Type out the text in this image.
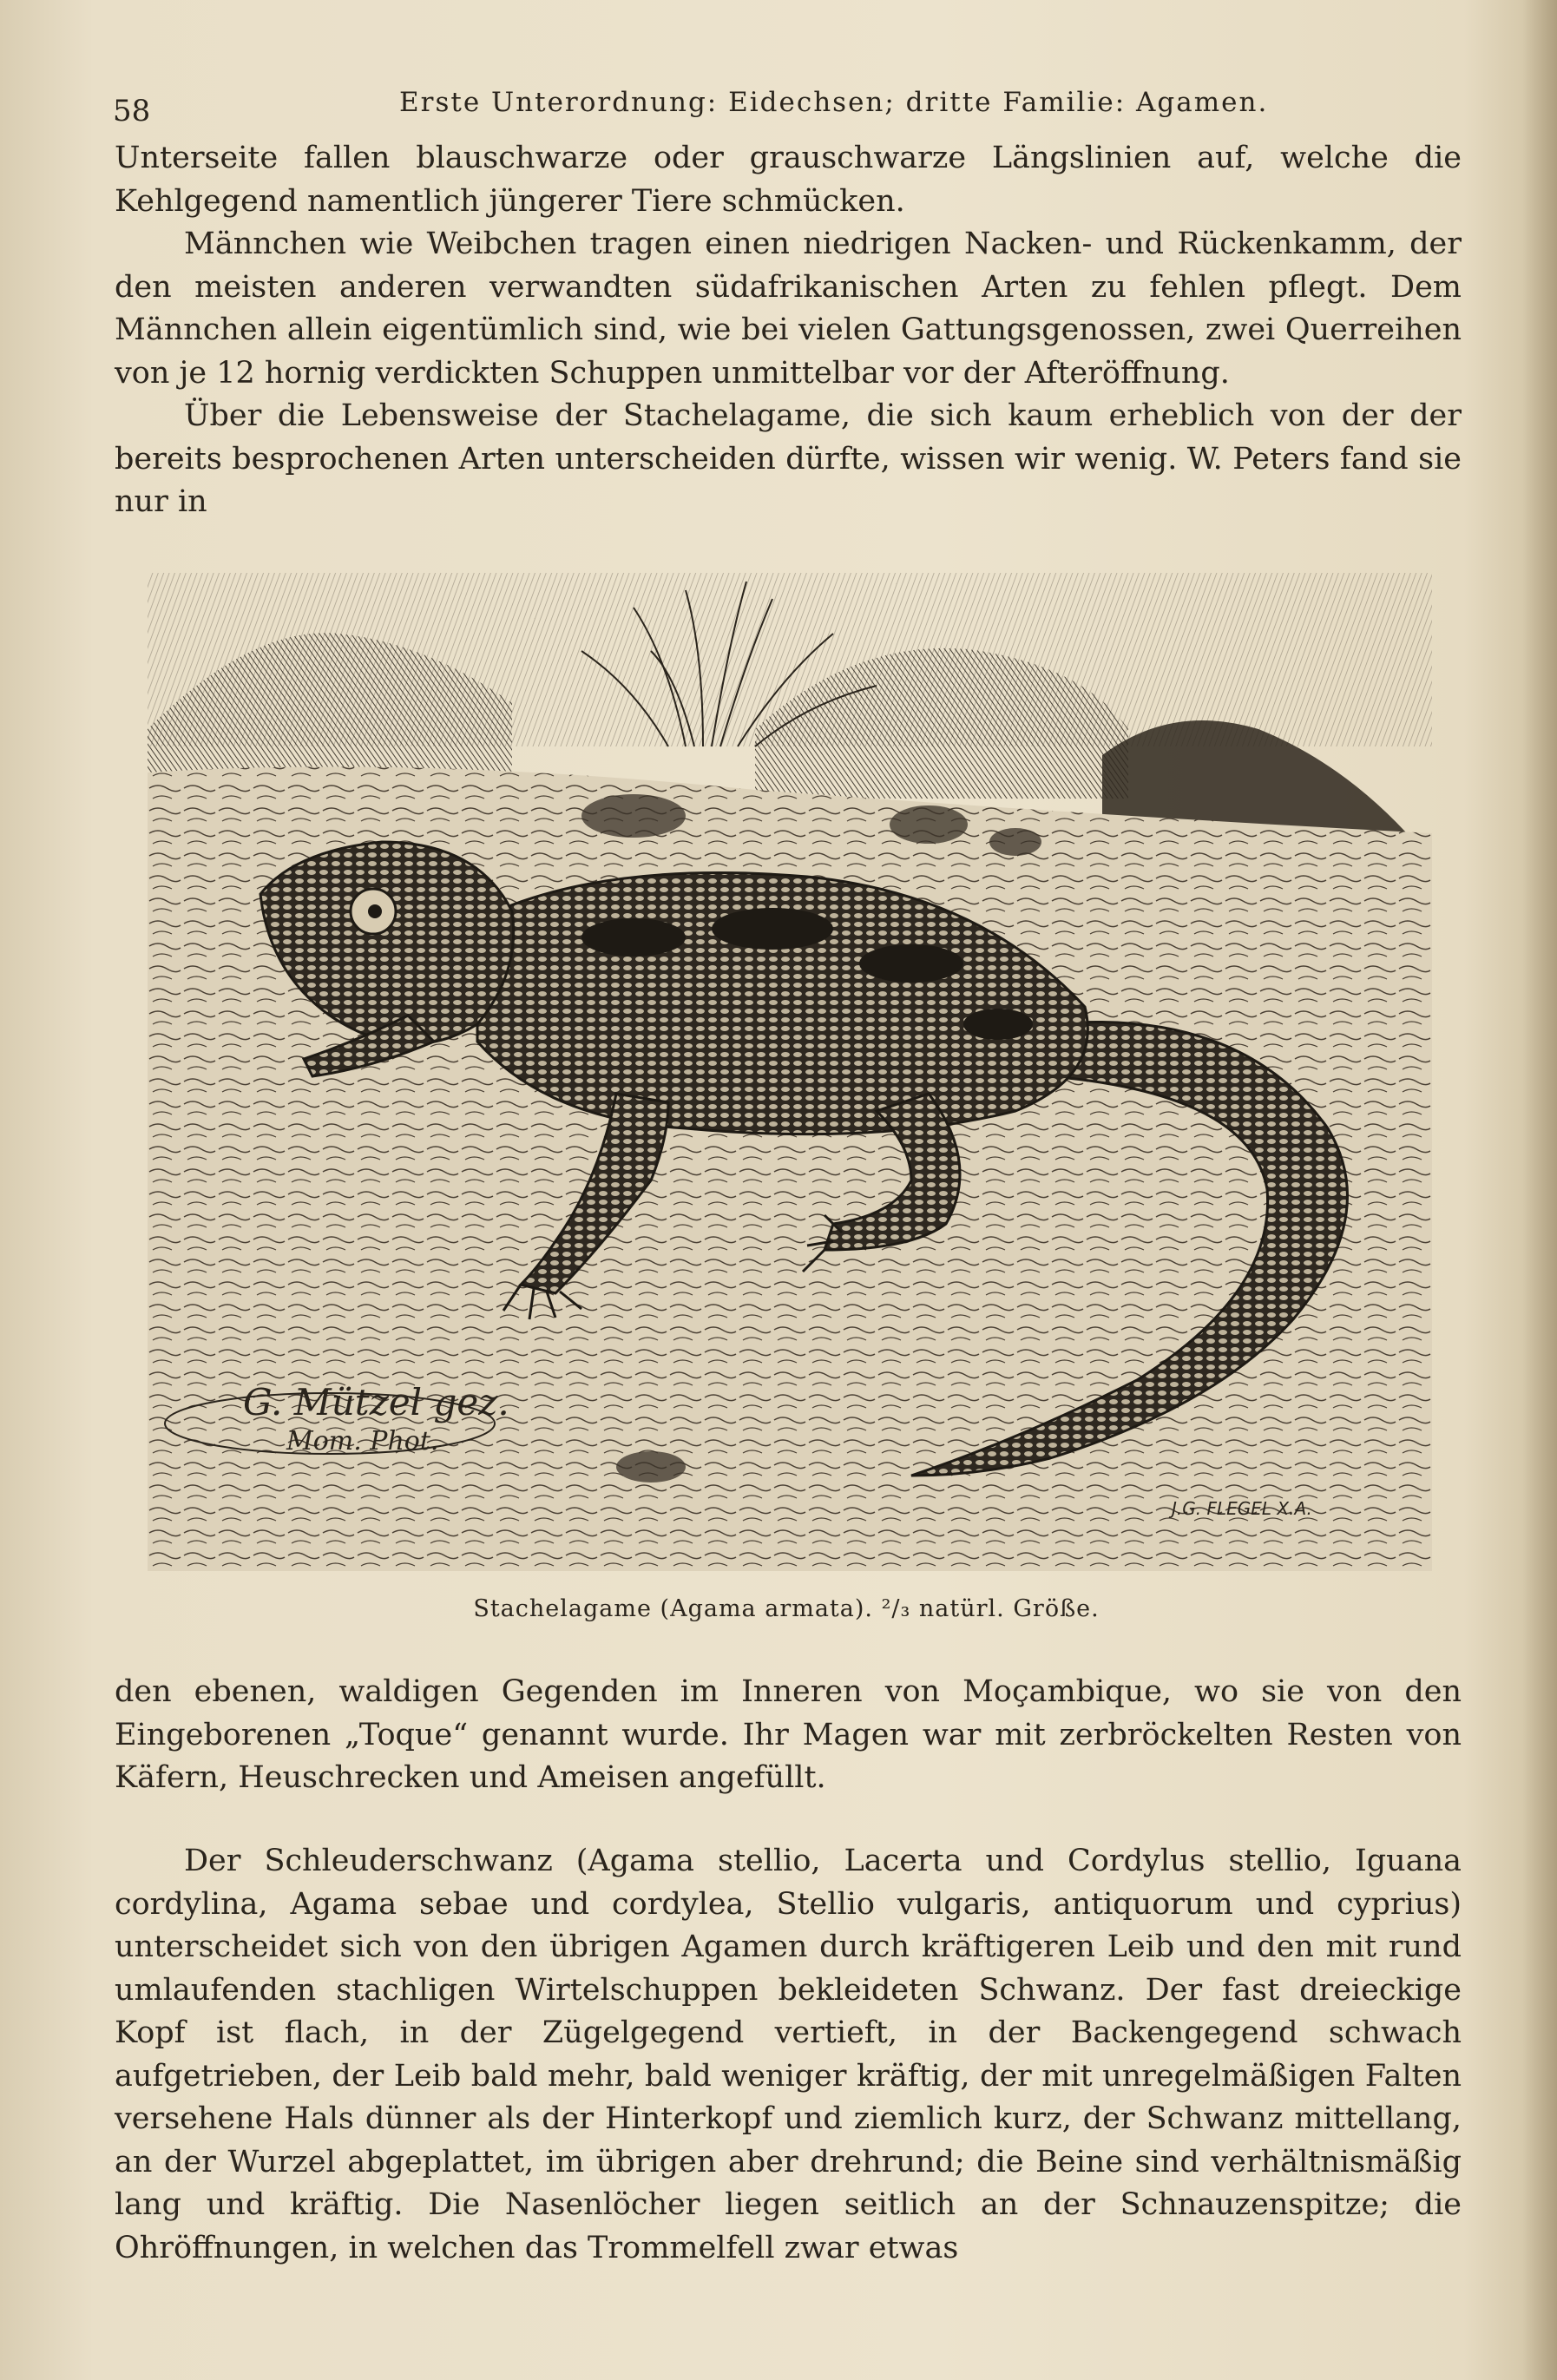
58	Erste Unterordnung: Eidechsen; dritte Familie: Agamen.

Unterseite fallen blauschwarze oder grauschwarze Längslinien auf, welche die Kehlgegend namentlich jüngerer Tiere schmücken.

Männchen wie Weibchen tragen einen niedrigen Nacken- und Rückenkamm, der den meisten anderen verwandten südafrikanischen Arten zu fehlen pflegt. Dem Männchen allein eigentümlich sind, wie bei vielen Gattungsgenossen, zwei Querreihen von je 12 hornig verdickten Schuppen unmittelbar vor der Afteröffnung.

Über die Lebensweise der Stachelagame, die sich kaum erheblich von der der bereits besprochenen Arten unterscheiden dürfte, wissen wir wenig. W. Peters fand sie nur in

G. Mützel gez.
Mom. Phot.
J.G. FLEGEL X.A.
Stachelagame (Agama armata). ²/₃ natürl. Größe.

den ebenen, waldigen Gegenden im Inneren von Moçambique, wo sie von den Eingeborenen „Toque“ genannt wurde. Ihr Magen war mit zerbröckelten Resten von Käfern, Heuschrecken und Ameisen angefüllt.

Der Schleuderschwanz (Agama stellio, Lacerta und Cordylus stellio, Iguana cordylina, Agama sebae und cordylea, Stellio vulgaris, antiquorum und cyprius) unterscheidet sich von den übrigen Agamen durch kräftigeren Leib und den mit rund umlaufenden stachligen Wirtelschuppen bekleideten Schwanz. Der fast dreieckige Kopf ist flach, in der Zügelgegend vertieft, in der Backengegend schwach aufgetrieben, der Leib bald mehr, bald weniger kräftig, der mit unregelmäßigen Falten versehene Hals dünner als der Hinterkopf und ziemlich kurz, der Schwanz mittellang, an der Wurzel abgeplattet, im übrigen aber drehrund; die Beine sind verhältnismäßig lang und kräftig. Die Nasenlöcher liegen seitlich an der Schnauzenspitze; die Ohröffnungen, in welchen das Trommelfell zwar etwas
